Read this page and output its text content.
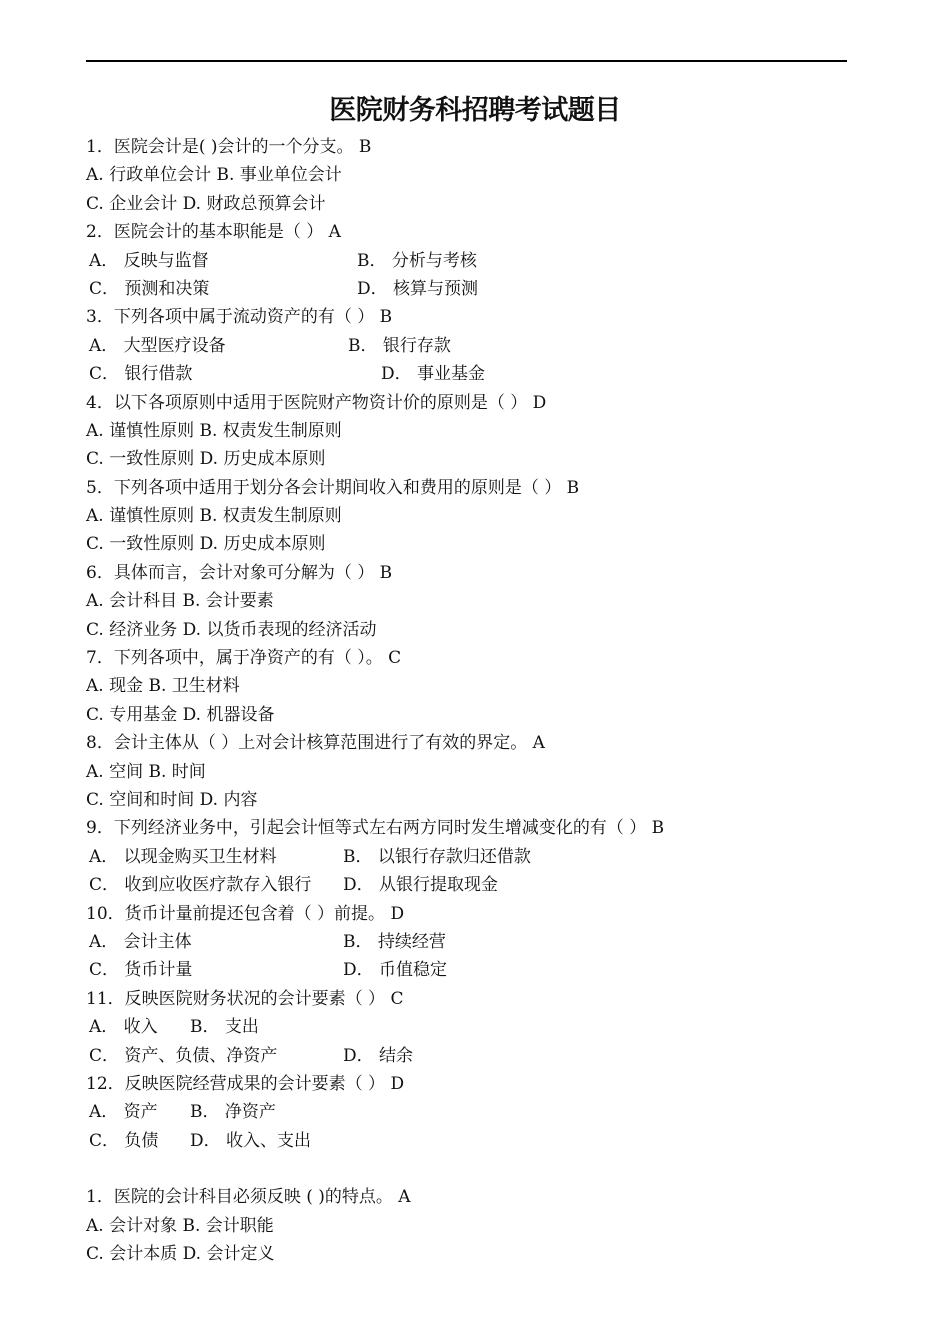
医院财务科招聘考试题目
1．医院会计是( )会计的一个分支。 B
A. 行政单位会计 B. 事业单位会计
C. 企业会计 D. 财政总预算会计
2．医院会计的基本职能是（ ） A
A． 反映与监督	B． 分析与考核
C． 预测和决策	D． 核算与预测
3．下列各项中属于流动资产的有（ ） B
A． 大型医疗设备	B． 银行存款
C． 银行借款	D． 事业基金
4．以下各项原则中适用于医院财产物资计价的原则是（ ） D
A. 谨慎性原则 B. 权责发生制原则
C. 一致性原则 D. 历史成本原则
5．下列各项中适用于划分各会计期间收入和费用的原则是（ ） B
A. 谨慎性原则 B. 权责发生制原则
C. 一致性原则 D. 历史成本原则
6．具体而言，会计对象可分解为（ ） B
A. 会计科目 B. 会计要素
C. 经济业务 D. 以货币表现的经济活动
7．下列各项中，属于净资产的有（ ）。 C
A. 现金 B. 卫生材料
C. 专用基金 D. 机器设备
8．会计主体从（ ）上对会计核算范围进行了有效的界定。 A
A. 空间 B. 时间
C. 空间和时间 D. 内容
9．下列经济业务中，引起会计恒等式左右两方同时发生增减变化的有（ ） B
A． 以现金购买卫生材料	B． 以银行存款归还借款
C． 收到应收医疗款存入银行 D． 从银行提取现金
10．货币计量前提还包含着（ ）前提。 D
A． 会计主体	B． 持续经营
C． 货币计量	D． 币值稳定
11．反映医院财务状况的会计要素（ ） C
A． 收入 B． 支出
C． 资产、负债、净资产	D． 结余
12．反映医院经营成果的会计要素（ ） D
A． 资产 B． 净资产
C． 负债 D． 收入、支出
1．医院的会计科目必须反映 ( )的特点。 A
A. 会计对象 B. 会计职能
C. 会计本质 D. 会计定义
